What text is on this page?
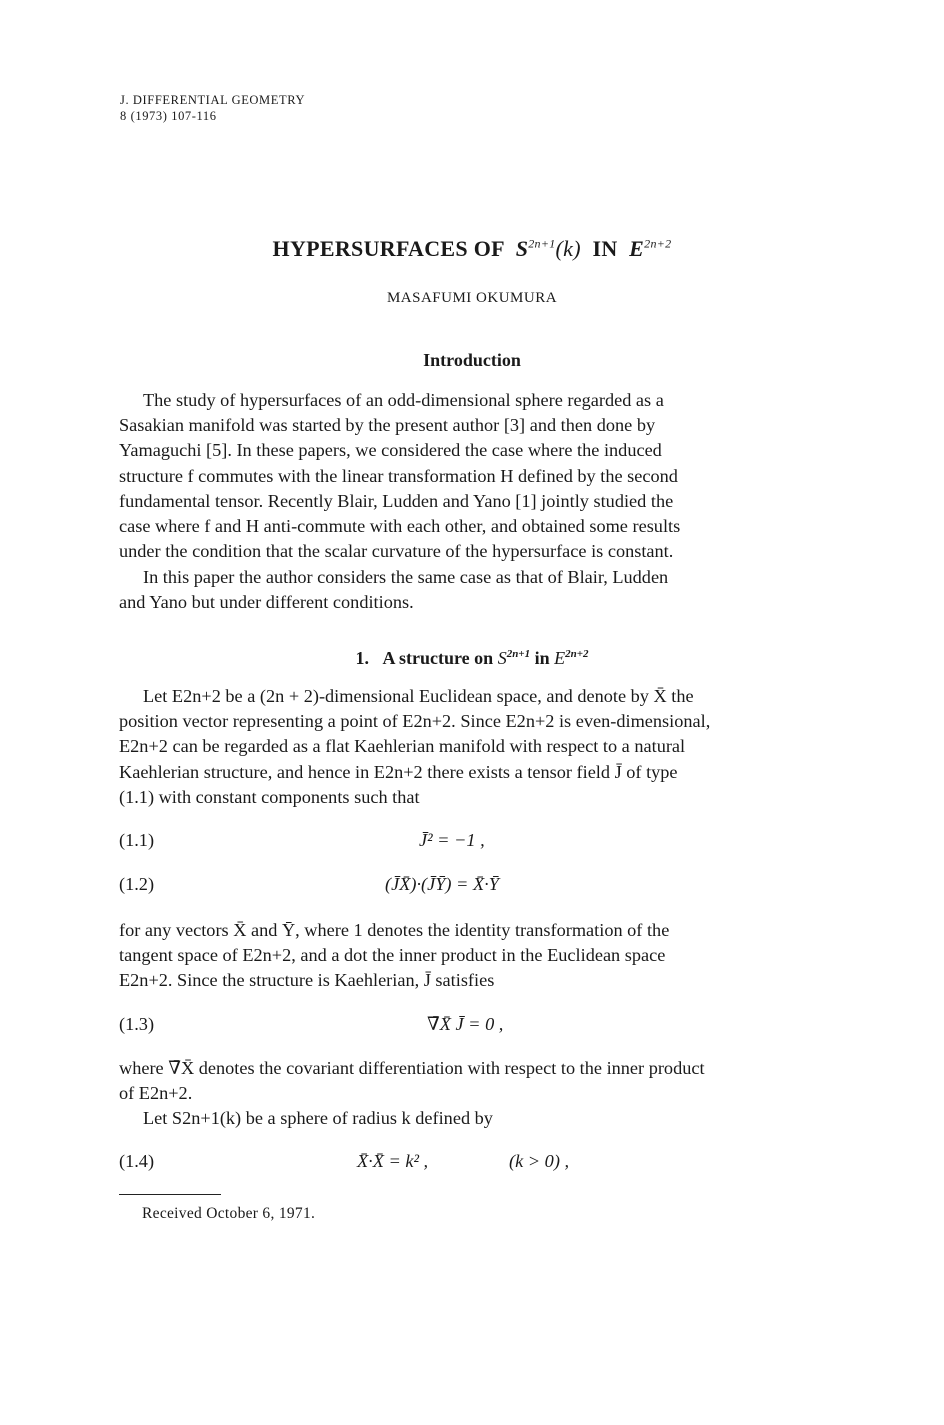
J. DIFFERENTIAL GEOMETRY
8 (1973) 107-116
HYPERSURFACES OF $S^{2n+1}(k)$ IN $E^{2n+2}$
MASAFUMI OKUMURA
Introduction
The study of hypersurfaces of an odd-dimensional sphere regarded as a
Sasakian manifold was started by the present author [3] and then done by
Yamaguchi [5]. In these papers, we considered the case where the induced
structure f commutes with the linear transformation H defined by the second
fundamental tensor. Recently Blair, Ludden and Yano [1] jointly studied the
case where f and H anti-commute with each other, and obtained some results
under the condition that the scalar curvature of the hypersurface is constant.
In this paper the author considers the same case as that of Blair, Ludden
and Yano but under different conditions.
1. A structure on $S^{2n+1}$ in $E^{2n+2}$
Let E2n+2 be a (2n + 2)-dimensional Euclidean space, and denote by X̄ the
position vector representing a point of E2n+2. Since E2n+2 is even-dimensional,
E2n+2 can be regarded as a flat Kaehlerian manifold with respect to a natural
Kaehlerian structure, and hence in E2n+2 there exists a tensor field J̄ of type
(1.1) with constant components such that
(1.1)	J̄² = −1 ,
(1.2)	(J̄X̄)·(J̄Ȳ) = X̄·Ȳ
for any vectors X̄ and Ȳ, where 1 denotes the identity transformation of the
tangent space of E2n+2, and a dot the inner product in the Euclidean space
E2n+2. Since the structure is Kaehlerian, J̄ satisfies
(1.3)	∇̄X̄ J̄ = 0 ,
where ∇̄X̄ denotes the covariant differentiation with respect to the inner product
of E2n+2.
Let S2n+1(k) be a sphere of radius k defined by
(1.4)	X̄·X̄ = k² ,	(k > 0) ,
Received October 6, 1971.
